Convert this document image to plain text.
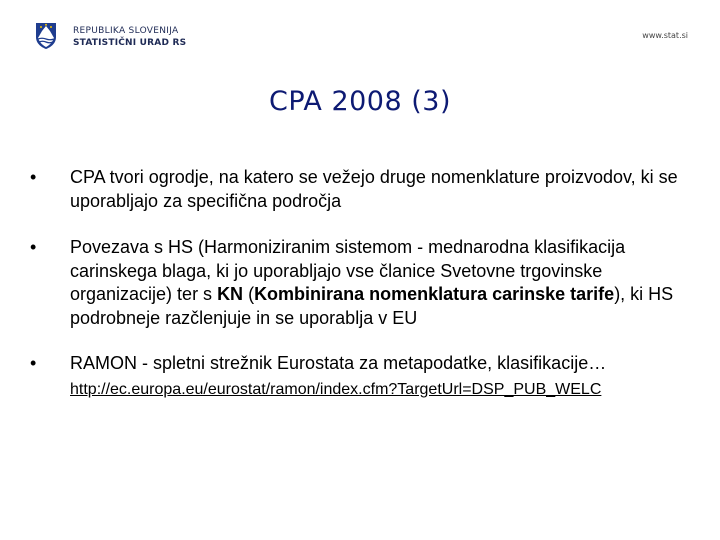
REPUBLIKA SLOVENIJA
STATISTIČNI URAD RS
www.stat.si
CPA 2008 (3)
• CPA tvori ogrodje, na katero se vežejo druge nomenklature proizvodov, ki se uporabljajo za specifična področja
• Povezava s HS (Harmoniziranim sistemom - mednarodna klasifikacija carinskega blaga, ki jo uporabljajo vse članice Svetovne trgovinske organizacije) ter s KN (Kombinirana nomenklatura carinske tarife), ki HS podrobneje razčlenjuje in se uporablja v EU
• RAMON - spletni strežnik Eurostata za metapodatke, klasifikacije…
http://ec.europa.eu/eurostat/ramon/index.cfm?TargetUrl=DSP_PUB_WELC
